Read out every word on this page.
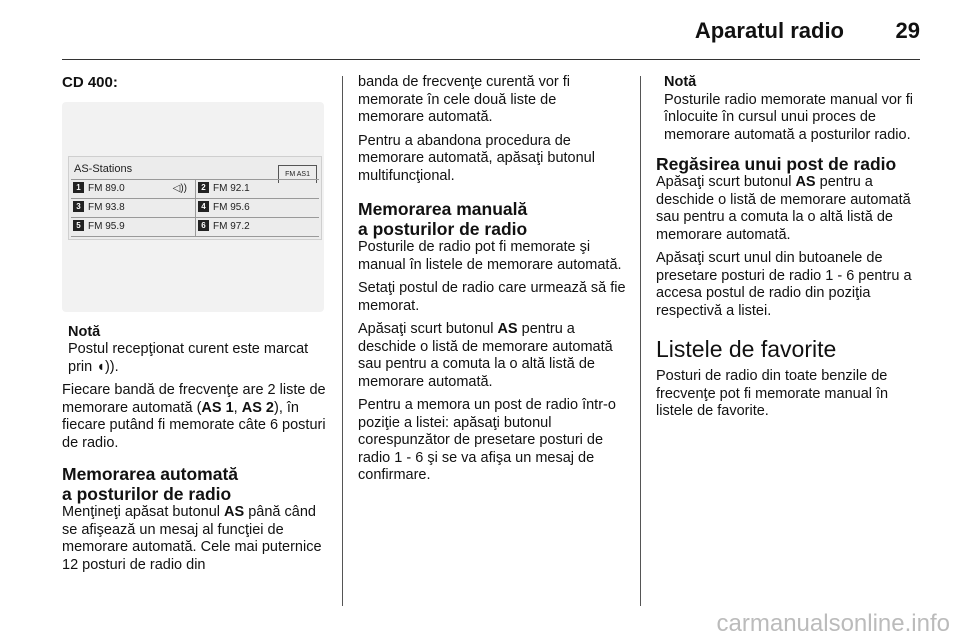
Aparatul radio 29
CD 400:
AS-Stations	FM AS1
1 FM 89.0	◁))	2 FM 92.1
3 FM 93.8	4 FM 95.6
5 FM 95.9	6 FM 97.2
Notă
Postul recepţionat curent este marcat prin ◖)).

Fiecare bandă de frecvenţe are 2 liste de memorare automată (AS 1, AS 2), în fiecare putând fi memorate câte 6 posturi de radio.

Memorarea automată
a posturilor de radio

Menţineţi apăsat butonul AS până când se afişează un mesaj al funcţiei de memorare automată. Cele mai puternice 12 posturi de radio din

banda de frecvenţe curentă vor fi memorate în cele două liste de memorare automată.

Pentru a abandona procedura de memorare automată, apăsaţi butonul multifuncţional.

Memorarea manuală
a posturilor de radio

Posturile de radio pot fi memorate şi manual în listele de memorare automată.

Setaţi postul de radio care urmează să fie memorat.

Apăsaţi scurt butonul AS pentru a deschide o listă de memorare automată sau pentru a comuta la o altă listă de memorare automată.

Pentru a memora un post de radio într-o poziţie a listei: apăsaţi butonul corespunzător de presetare posturi de radio 1 - 6 şi se va afişa un mesaj de confirmare.

Notă
Posturile radio memorate manual vor fi înlocuite în cursul unui proces de memorare automată a posturilor radio.
Regăsirea unui post de radio

Apăsaţi scurt butonul AS pentru a deschide o listă de memorare automată sau pentru a comuta la o altă listă de memorare automată.

Apăsaţi scurt unul din butoanele de presetare posturi de radio 1 - 6 pentru a accesa postul de radio din poziţia respectivă a listei.

Listele de favorite

Posturi de radio din toate benzile de frecvenţe pot fi memorate manual în listele de favorite.

carmanualsonline.info
